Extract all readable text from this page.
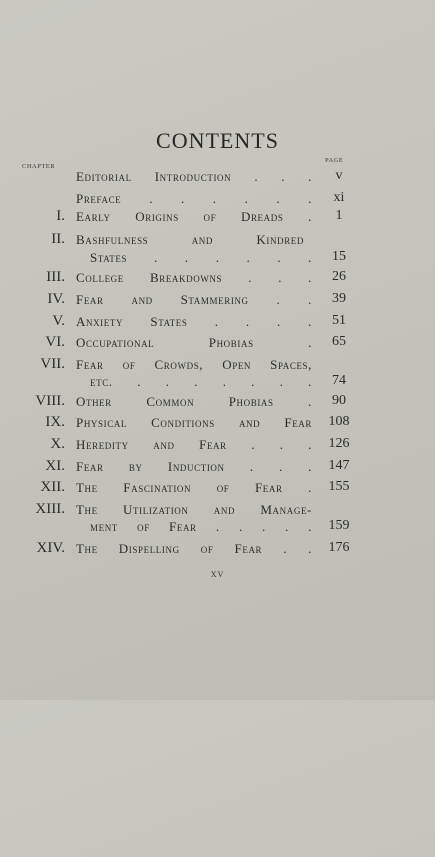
CONTENTS
CHAPTER
PAGE
Editorial Introduction . . .	v
Preface . . . . . .	xi
I. Early Origins of Dreads .	1
II. Bashfulness and Kindred
States . . . . . .	15
III. College Breakdowns . . .	26
IV. Fear and Stammering . .	39
V. Anxiety States . . . .	51
VI. Occupational Phobias .	65
VII. Fear of Crowds, Open Spaces,
etc. . . . . . . .	74
VIII. Other Common Phobias .	90
IX. Physical Conditions and Fear	108
X. Heredity and Fear . . .	126
XI. Fear by Induction . . .	147
XII. The Fascination of Fear .	155
XIII. The Utilization and Manage-
ment of Fear . . . . .	159
XIV. The Dispelling of Fear . .	176
xv
